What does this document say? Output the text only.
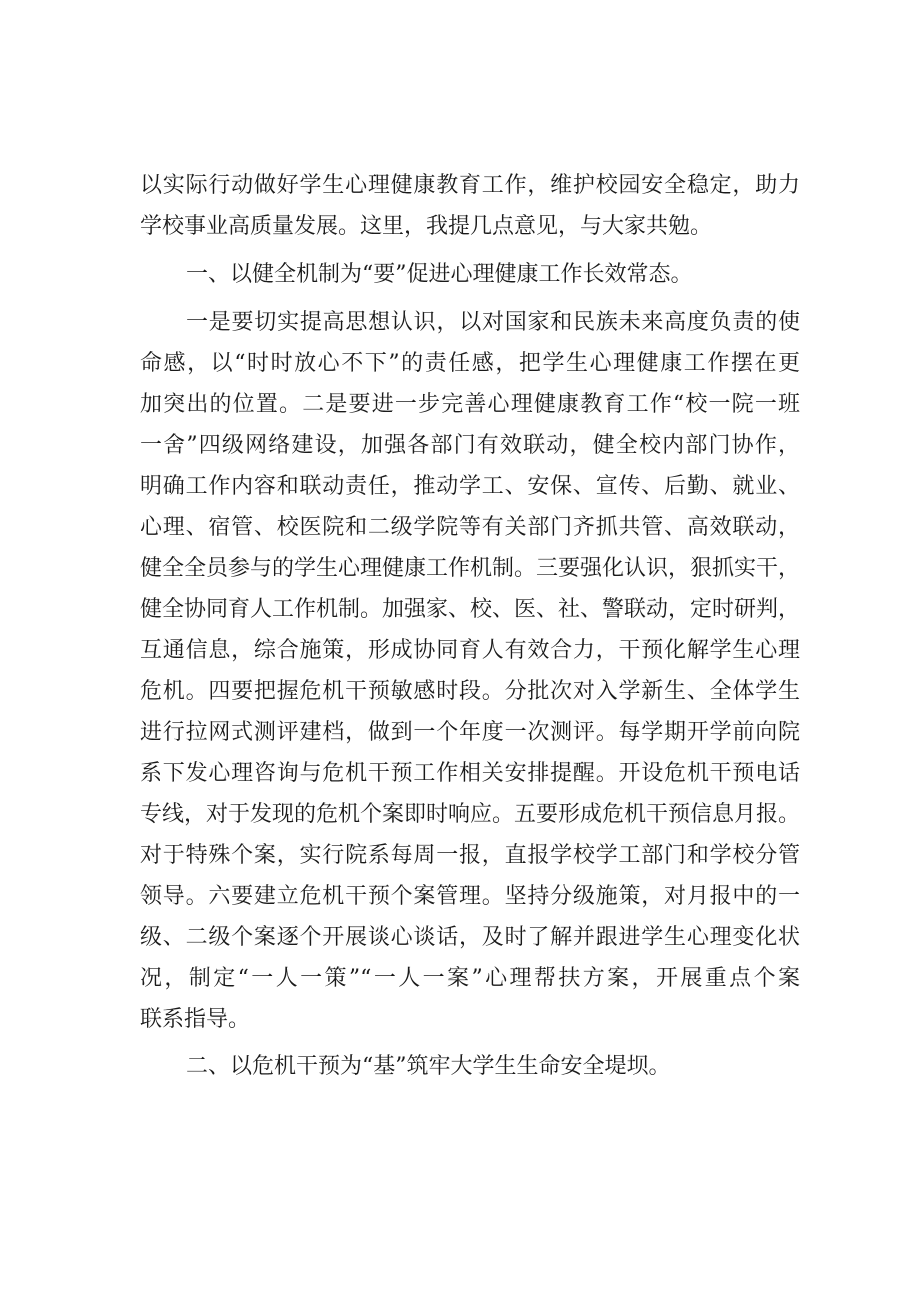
以实际行动做好学生心理健康教育工作，维护校园安全稳定，助力
学校事业高质量发展。这里，我提几点意见，与大家共勉。
一、以健全机制为“要”促进心理健康工作长效常态。
一是要切实提高思想认识，以对国家和民族未来高度负责的使
命感，以“时时放心不下”的责任感，把学生心理健康工作摆在更
加突出的位置。二是要进一步完善心理健康教育工作“校一院一班
一舍”四级网络建设，加强各部门有效联动，健全校内部门协作，
明确工作内容和联动责任，推动学工、安保、宣传、后勤、就业、
心理、宿管、校医院和二级学院等有关部门齐抓共管、高效联动，
健全全员参与的学生心理健康工作机制。三要强化认识，狠抓实干，
健全协同育人工作机制。加强家、校、医、社、警联动，定时研判，
互通信息，综合施策，形成协同育人有效合力，干预化解学生心理
危机。四要把握危机干预敏感时段。分批次对入学新生、全体学生
进行拉网式测评建档，做到一个年度一次测评。每学期开学前向院
系下发心理咨询与危机干预工作相关安排提醒。开设危机干预电话
专线，对于发现的危机个案即时响应。五要形成危机干预信息月报。
对于特殊个案，实行院系每周一报，直报学校学工部门和学校分管
领导。六要建立危机干预个案管理。坚持分级施策，对月报中的一
级、二级个案逐个开展谈心谈话，及时了解并跟进学生心理变化状
况，制定“一人一策”“一人一案”心理帮扶方案，开展重点个案
联系指导。
二、以危机干预为“基”筑牢大学生生命安全堤坝。
